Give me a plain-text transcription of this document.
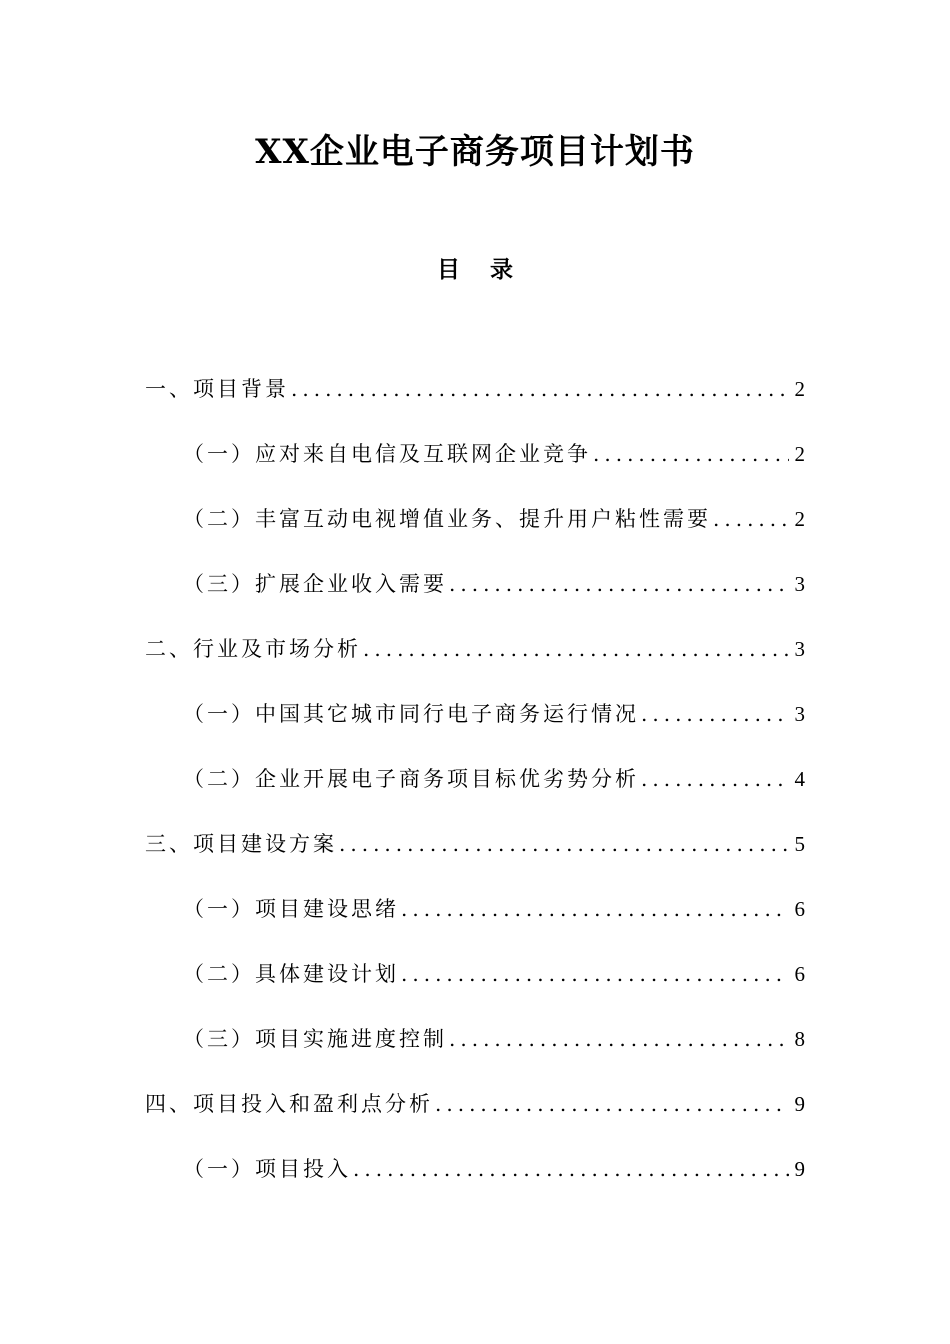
XX企业电子商务项目计划书
目录
一、项目背景 .....	2
（一）应对来自电信及互联网企业竞争 .....	2
（二）丰富互动电视增值业务、提升用户粘性需要 .....	2
（三）扩展企业收入需要 .....	3
二、行业及市场分析 .....	3
（一）中国其它城市同行电子商务运行情况 .....	3
（二）企业开展电子商务项目标优劣势分析 .....	4
三、项目建设方案 .....	5
（一）项目建设思绪 .....	6
（二）具体建设计划 .....	6
（三）项目实施进度控制 .....	8
四、项目投入和盈利点分析 .....	9
（一）项目投入 .....	9
